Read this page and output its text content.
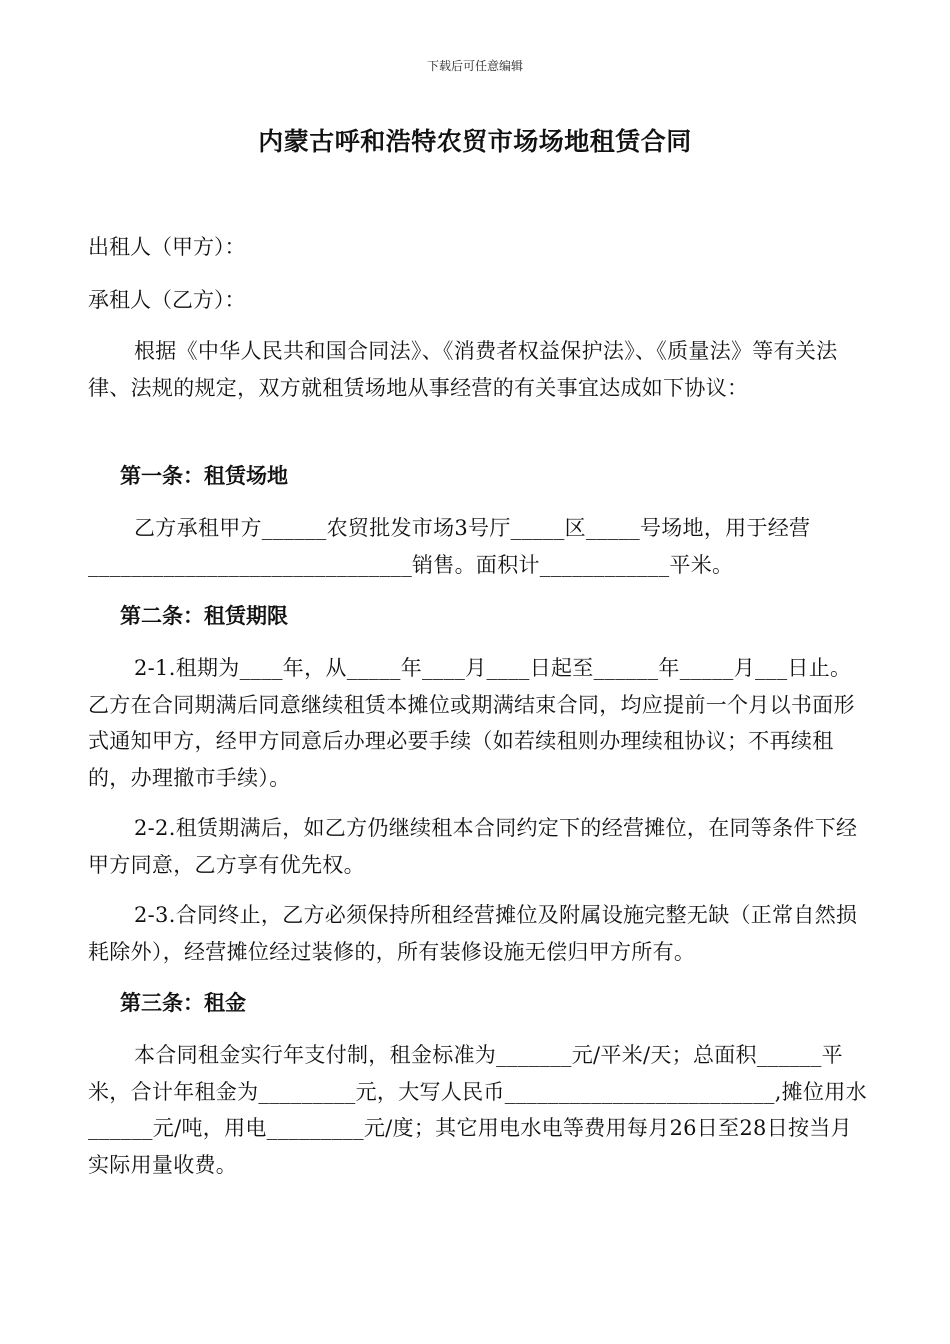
下载后可任意编辑
内蒙古呼和浩特农贸市场场地租赁合同
出租人（甲方）：
承租人（乙方）：

根据《中华人民共和国合同法》、《消费者权益保护法》、《质量法》等有关法律、法规的规定，双方就租赁场地从事经营的有关事宜达成如下协议：

第一条：租赁场地

乙方承租甲方______农贸批发市场3号厅_____区_____号场地，用于经营______________________________销售。面积计____________平米。

第二条：租赁期限

2-1.租期为____年，从_____年____月____日起至______年_____月___日止。乙方在合同期满后同意继续租赁本摊位或期满结束合同，均应提前一个月以书面形式通知甲方，经甲方同意后办理必要手续（如若续租则办理续租协议；不再续租的，办理撤市手续）。

2-2.租赁期满后，如乙方仍继续租本合同约定下的经营摊位，在同等条件下经甲方同意，乙方享有优先权。

2-3.合同终止，乙方必须保持所租经营摊位及附属设施完整无缺（正常自然损耗除外），经营摊位经过装修的，所有装修设施无偿归甲方所有。

第三条：租金

本合同租金实行年支付制，租金标准为_______元/平米/天；总面积______平米，合计年租金为_________元，大写人民币_________________________,摊位用水______元/吨，用电_________元/度；其它用电水电等费用每月26日至28日按当月实际用量收费。
